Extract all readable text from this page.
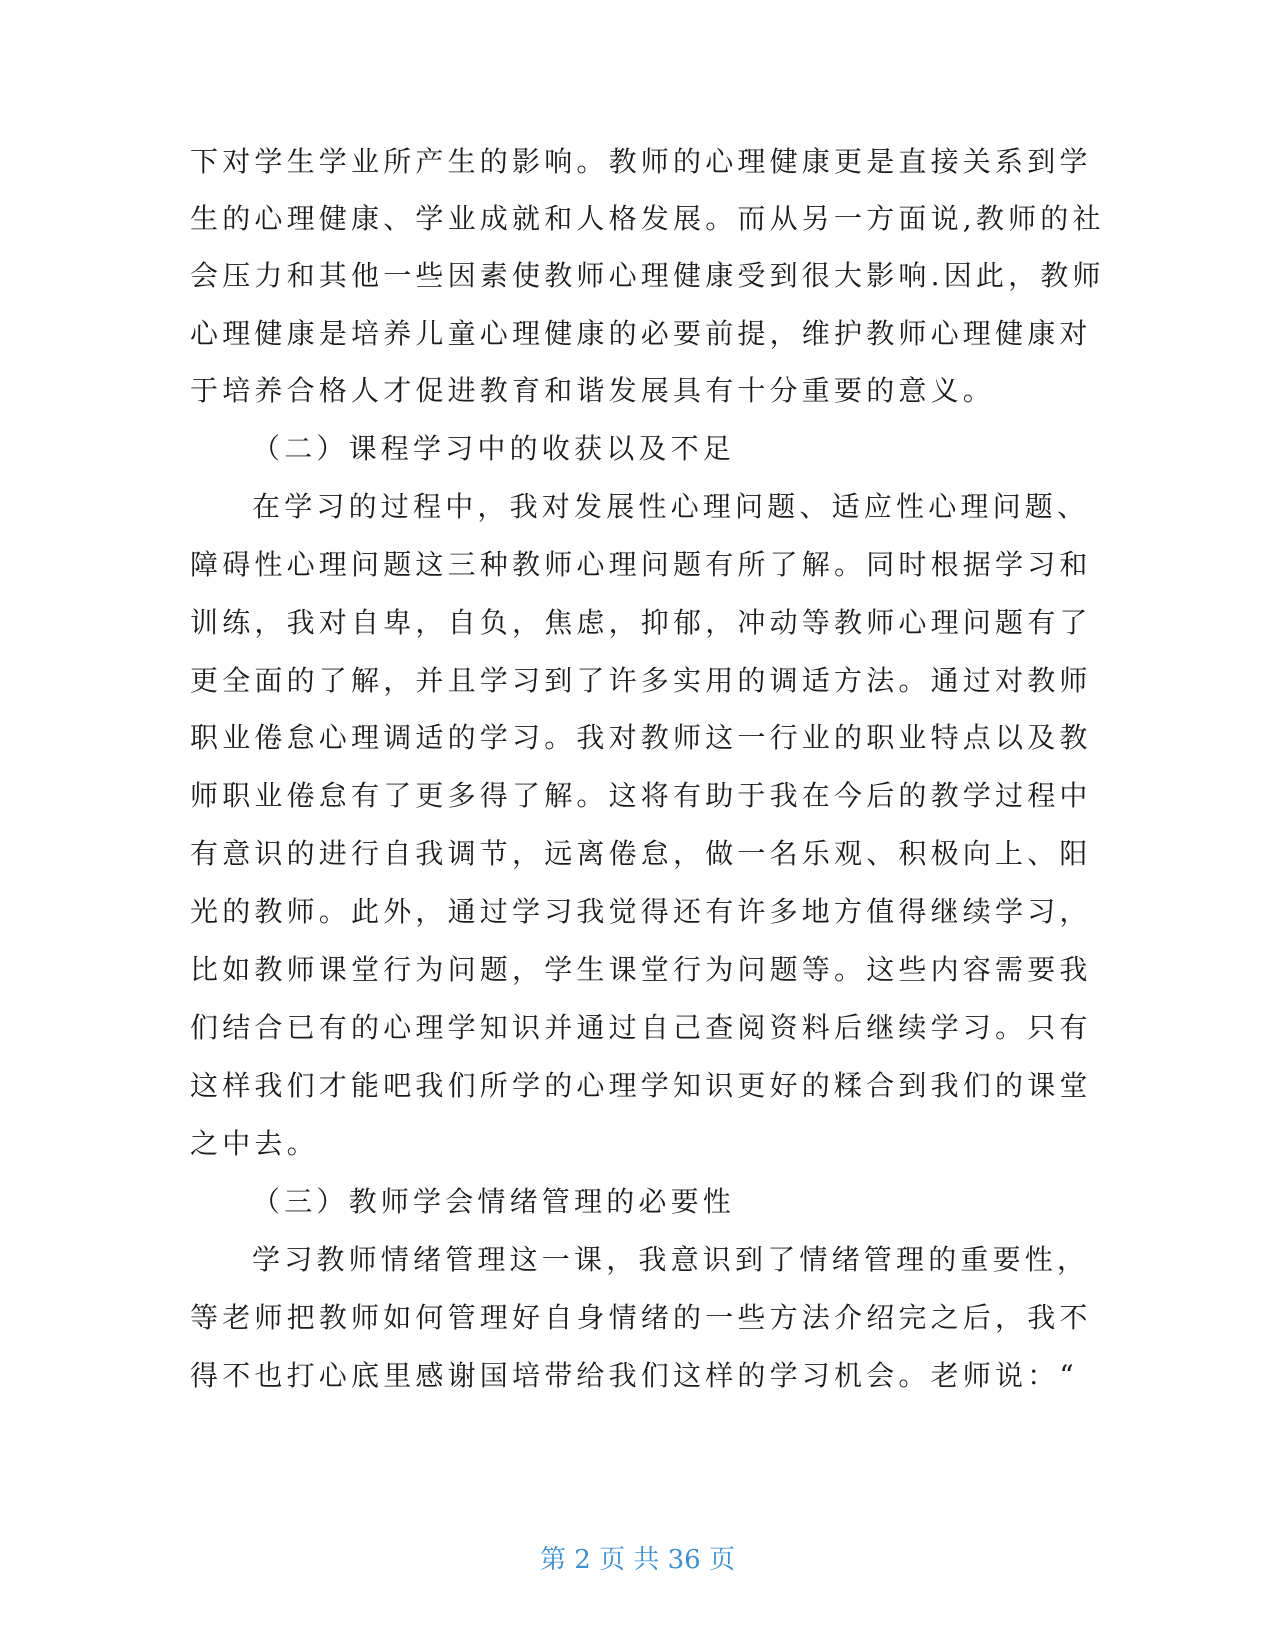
下对学生学业所产生的影响。教师的心理健康更是直接关系到学
生的心理健康、学业成就和人格发展。而从另一方面说,教师的社
会压力和其他一些因素使教师心理健康受到很大影响.因此，教师
心理健康是培养儿童心理健康的必要前提，维护教师心理健康对
于培养合格人才促进教育和谐发展具有十分重要的意义。
（二）课程学习中的收获以及不足
在学习的过程中，我对发展性心理问题、适应性心理问题、
障碍性心理问题这三种教师心理问题有所了解。同时根据学习和
训练，我对自卑，自负，焦虑，抑郁，冲动等教师心理问题有了
更全面的了解，并且学习到了许多实用的调适方法。通过对教师
职业倦怠心理调适的学习。我对教师这一行业的职业特点以及教
师职业倦怠有了更多得了解。这将有助于我在今后的教学过程中
有意识的进行自我调节，远离倦怠，做一名乐观、积极向上、阳
光的教师。此外，通过学习我觉得还有许多地方值得继续学习，
比如教师课堂行为问题，学生课堂行为问题等。这些内容需要我
们结合已有的心理学知识并通过自己查阅资料后继续学习。只有
这样我们才能吧我们所学的心理学知识更好的糅合到我们的课堂
之中去。
（三）教师学会情绪管理的必要性
学习教师情绪管理这一课，我意识到了情绪管理的重要性，
等老师把教师如何管理好自身情绪的一些方法介绍完之后，我不
得不也打心底里感谢国培带给我们这样的学习机会。老师说：“
第 2 页 共 36 页
